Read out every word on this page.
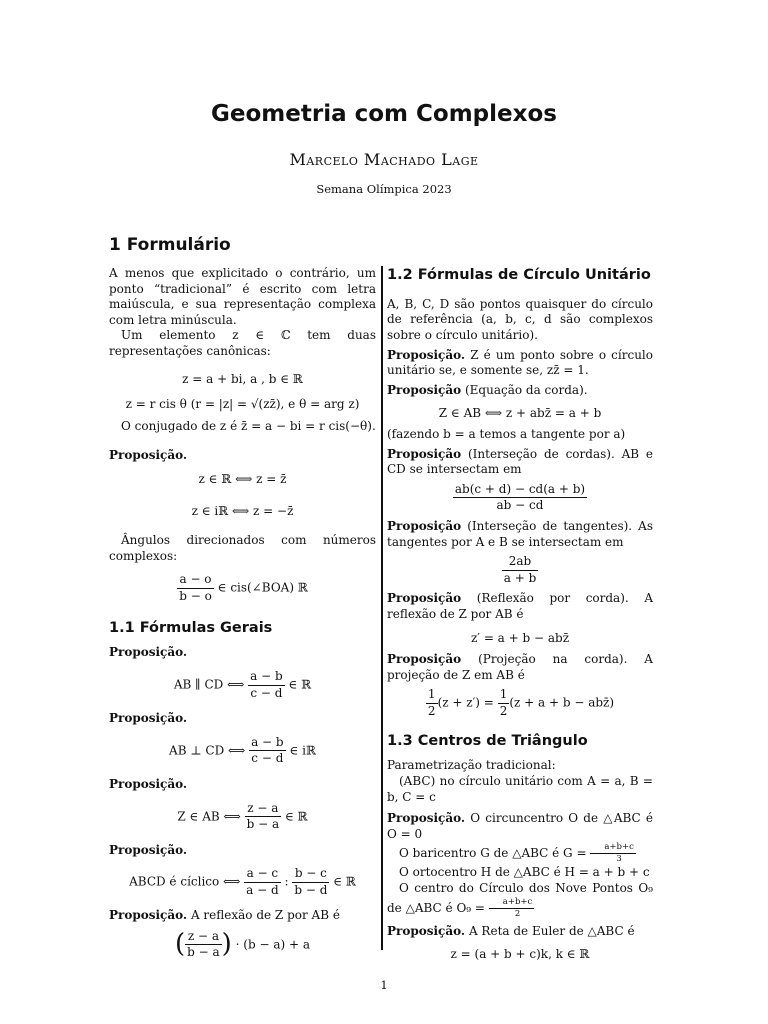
Geometria com Complexos
Marcelo Machado Lage
Semana Olímpica 2023
1 Formulário

A menos que explicitado o contrário, um ponto “tradicional” é escrito com letra maiúscula, e sua representação complexa com letra minúscula.

Um elemento z ∈ ℂ tem duas representações canônicas:

z = a + bi, a , b ∈ ℝ
z = r cis θ (r = |z| = √(zz̄), e θ = arg z)

O conjugado de z é z̄ = a − bi = r cis(−θ).

Proposição.

z ∈ ℝ ⟺ z = z̄
z ∈ iℝ ⟺ z = −z̄

Ângulos direcionados com números complexos:

$\frac{a - o}{b - o}$ ∈ cis(∠BOA) ℝ
1.1 Fórmulas Gerais

Proposição.

AB ∥ CD ⟺ $\frac{a - b}{c - d}$ ∈ ℝ

Proposição.

AB ⊥ CD ⟺ $\frac{a - b}{c - d}$ ∈ iℝ

Proposição.

Z ∈ AB ⟺ $\frac{z - a}{b - a}$ ∈ ℝ

Proposição.

ABCD é cíclico ⟺ $\frac{a - c}{a - d}$ : $\frac{b - c}{b - d}$ ∈ ℝ

Proposição. A reflexão de Z por AB é

( $\frac{z - a}{b - a}$ ) · (b − a) + a
1.2 Fórmulas de Círculo Unitário

A, B, C, D são pontos quaisquer do círculo de referência (a, b, c, d são complexos sobre o círculo unitário).

Proposição. Z é um ponto sobre o círculo unitário se, e somente se, zz̄ = 1.

Proposição (Equação da corda).

Z ∈ AB ⟺ z + abz̄ = a + b

(fazendo b = a temos a tangente por a)

Proposição (Interseção de cordas). AB e CD se intersectam em

$\frac{ab(c + d) - cd(a + b)}{ab - cd}$

Proposição (Interseção de tangentes). As tangentes por A e B se intersectam em

$\frac{2ab}{a + b}$

Proposição (Reflexão por corda). A reflexão de Z por AB é

z′ = a + b − abz̄

Proposição (Projeção na corda). A projeção de Z em AB é

$\frac{1}{2} (z + z') = \frac{1}{2} (z + a + b$ − abz̄)
1.3 Centros de Triângulo

Parametrização tradicional:

(ABC) no círculo unitário com A = a, B = b, C = c

Proposição. O circuncentro O de △ABC é O = 0

O baricentro G de △ABC é $G = \frac{a+b+c}{3}$

O ortocentro H de △ABC é H = a + b + c

O centro do Círculo dos Nove Pontos O₉ de △ABC é $O_9 = \frac{a+b+c}{2}$

Proposição. A Reta de Euler de △ABC é

z = (a + b + c)k, k ∈ ℝ
1
